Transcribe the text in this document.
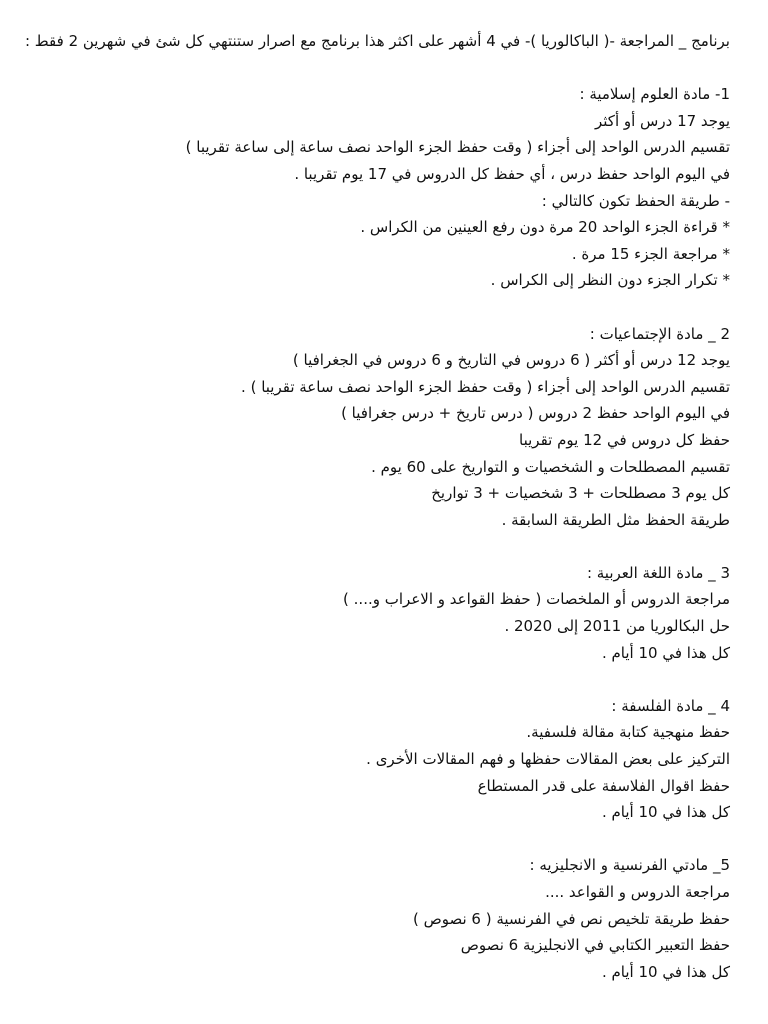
برنامج _ المراجعة -( الباكالوريا )- في 4 أشهر على اكثر هذا برنامج مع اصرار ستنتهي كل شئ في شهرين 2 فقط :
1- مادة العلوم إسلامية :
يوجد 17 درس أو أكثر
تقسيم الدرس الواحد إلى أجزاء ( وقت حفظ الجزء الواحد نصف ساعة إلى ساعة تقريبا )
في اليوم الواحد حفظ درس ، أي حفظ كل الدروس في 17 يوم تقريبا .
- طريقة الحفظ تكون كالتالي :
* قراءة الجزء الواحد 20 مرة دون رفع العينين من الكراس .
* مراجعة الجزء 15 مرة .
* تكرار الجزء دون النظر إلى الكراس .
2 _ مادة الإجتماعيات :
يوجد 12 درس أو أكثر ( 6 دروس في التاريخ و 6 دروس في الجغرافيا )
تقسيم الدرس الواحد إلى أجزاء ( وقت حفظ الجزء الواحد نصف ساعة تقريبا ) .
في اليوم الواحد حفظ 2 دروس ( درس تاريخ + درس جغرافيا )
حفظ كل دروس في 12 يوم تقريبا
تقسيم المصطلحات و الشخصيات و التواريخ على 60 يوم .
كل يوم 3 مصطلحات + 3 شخصيات + 3 تواريخ
طريقة الحفظ مثل الطريقة السابقة .
3 _ مادة اللغة العربية :
مراجعة الدروس أو الملخصات ( حفظ القواعد و الاعراب و.... )
حل البكالوريا من 2011 إلى 2020 .
كل هذا في 10 أيام .
4 _ مادة الفلسفة :
حفظ منهجية كتابة مقالة فلسفية.
التركيز على بعض المقالات حفظها و فهم المقالات الأخرى .
حفظ اقوال الفلاسفة على قدر المستطاع
كل هذا في 10 أيام .
5_ مادتي الفرنسية و الانجليزيه :
مراجعة الدروس و القواعد ....
حفظ طريقة تلخيص نص في الفرنسية ( 6 نصوص )
حفظ التعبير الكتابي في الانجليزية 6 نصوص
كل هذا في 10 أيام .
